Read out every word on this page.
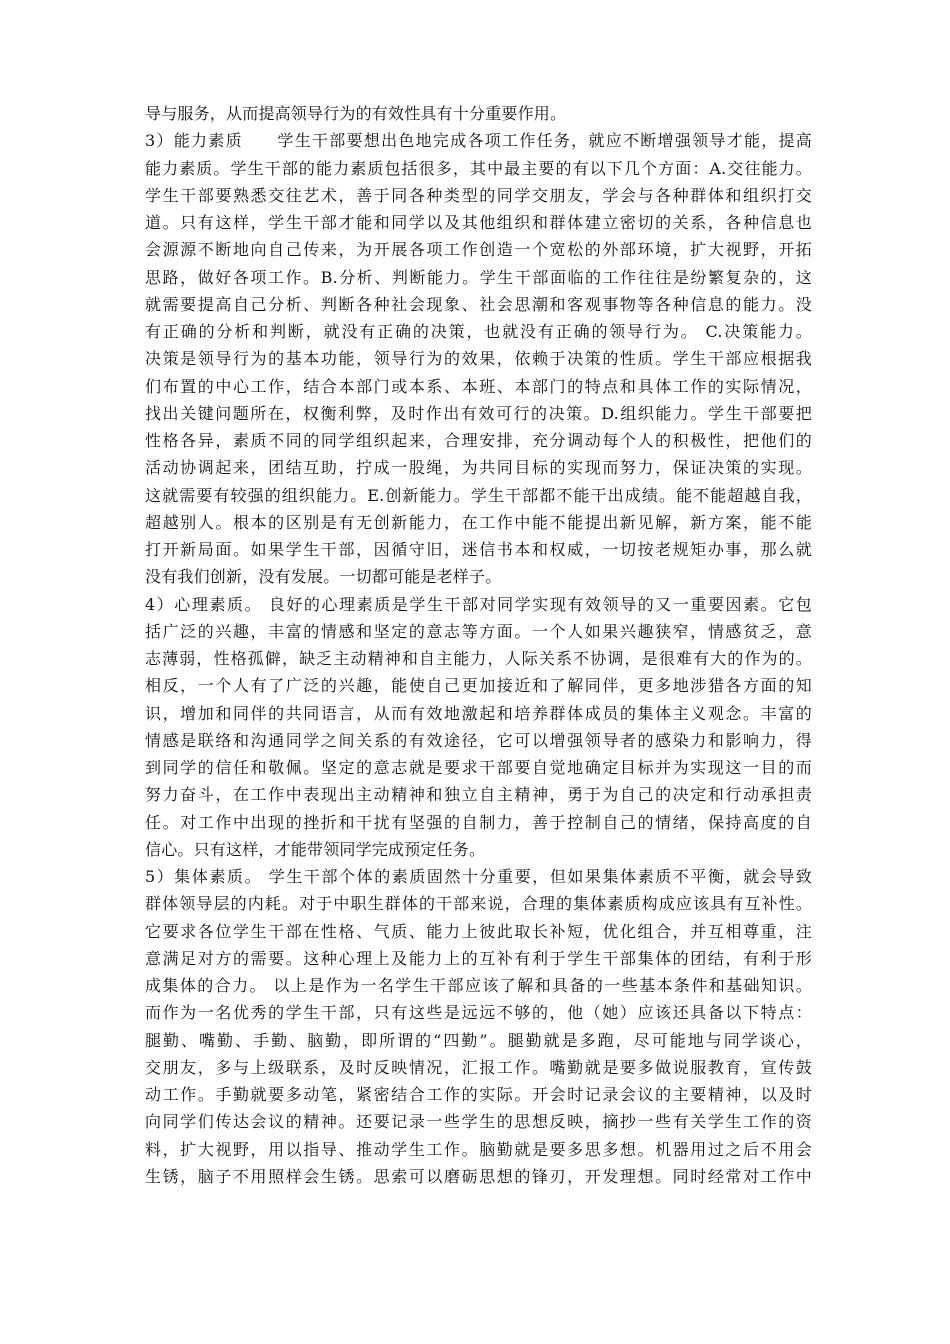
导与服务，从而提高领导行为的有效性具有十分重要作用。
3）能力素质　　学生干部要想出色地完成各项工作任务，就应不断增强领导才能，提高
能力素质。学生干部的能力素质包括很多，其中最主要的有以下几个方面：A.交往能力。
学生干部要熟悉交往艺术，善于同各种类型的同学交朋友，学会与各种群体和组织打交
道。只有这样，学生干部才能和同学以及其他组织和群体建立密切的关系，各种信息也
会源源不断地向自己传来，为开展各项工作创造一个宽松的外部环境，扩大视野，开拓
思路，做好各项工作。B.分析、判断能力。学生干部面临的工作往往是纷繁复杂的，这
就需要提高自己分析、判断各种社会现象、社会思潮和客观事物等各种信息的能力。没
有正确的分析和判断，就没有正确的决策，也就没有正确的领导行为。 C.决策能力。
决策是领导行为的基本功能，领导行为的效果，依赖于决策的性质。学生干部应根据我
们布置的中心工作，结合本部门或本系、本班、本部门的特点和具体工作的实际情况，
找出关键问题所在，权衡利弊，及时作出有效可行的决策。D.组织能力。学生干部要把
性格各异，素质不同的同学组织起来，合理安排，充分调动每个人的积极性，把他们的
活动协调起来，团结互助，拧成一股绳，为共同目标的实现而努力，保证决策的实现。
这就需要有较强的组织能力。E.创新能力。学生干部都不能干出成绩。能不能超越自我，
超越别人。根本的区别是有无创新能力，在工作中能不能提出新见解，新方案，能不能
打开新局面。如果学生干部，因循守旧，迷信书本和权威，一切按老规矩办事，那么就
没有我们创新，没有发展。一切都可能是老样子。
4）心理素质。 良好的心理素质是学生干部对同学实现有效领导的又一重要因素。它包
括广泛的兴趣，丰富的情感和坚定的意志等方面。一个人如果兴趣狭窄，情感贫乏，意
志薄弱，性格孤僻，缺乏主动精神和自主能力，人际关系不协调，是很难有大的作为的。
相反，一个人有了广泛的兴趣，能使自己更加接近和了解同伴，更多地涉猎各方面的知
识，增加和同伴的共同语言，从而有效地激起和培养群体成员的集体主义观念。丰富的
情感是联络和沟通同学之间关系的有效途径，它可以增强领导者的感染力和影响力，得
到同学的信任和敬佩。坚定的意志就是要求干部要自觉地确定目标并为实现这一目的而
努力奋斗，在工作中表现出主动精神和独立自主精神，勇于为自己的决定和行动承担责
任。对工作中出现的挫折和干扰有坚强的自制力，善于控制自己的情绪，保持高度的自
信心。只有这样，才能带领同学完成预定任务。
5）集体素质。 学生干部个体的素质固然十分重要，但如果集体素质不平衡，就会导致
群体领导层的内耗。对于中职生群体的干部来说，合理的集体素质构成应该具有互补性。
它要求各位学生干部在性格、气质、能力上彼此取长补短，优化组合，并互相尊重，注
意满足对方的需要。这种心理上及能力上的互补有利于学生干部集体的团结，有利于形
成集体的合力。 以上是作为一名学生干部应该了解和具备的一些基本条件和基础知识。
而作为一名优秀的学生干部，只有这些是远远不够的，他（她）应该还具备以下特点：
腿勤、嘴勤、手勤、脑勤，即所谓的“四勤”。腿勤就是多跑，尽可能地与同学谈心，
交朋友，多与上级联系，及时反映情况，汇报工作。嘴勤就是要多做说服教育，宣传鼓
动工作。手勤就要多动笔，紧密结合工作的实际。开会时记录会议的主要精神，以及时
向同学们传达会议的精神。还要记录一些学生的思想反映，摘抄一些有关学生工作的资
料，扩大视野，用以指导、推动学生工作。脑勤就是要多思多想。机器用过之后不用会
生锈，脑子不用照样会生锈。思索可以磨砺思想的锋刃，开发理想。同时经常对工作中
